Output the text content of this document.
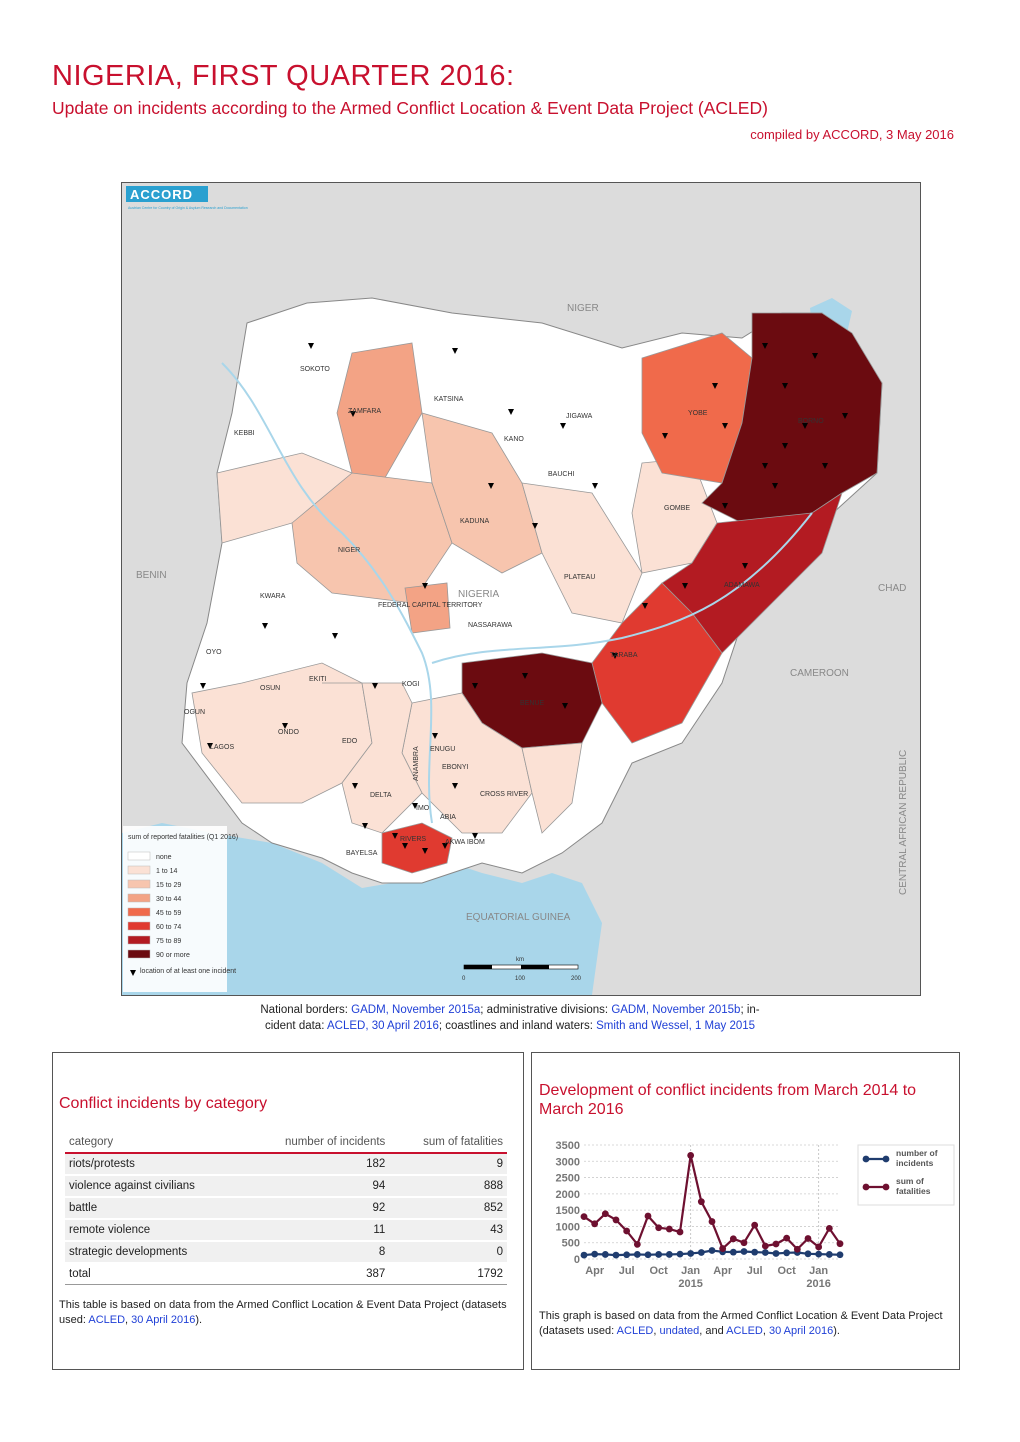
NIGERIA, FIRST QUARTER 2016:
Update on incidents according to the Armed Conflict Location & Event Data Project (ACLED)
compiled by ACCORD, 3 May 2016
NIGER
BENIN
NIGERIA
CHAD
CAMEROON
EQUATORIAL GUINEA
CENTRAL AFRICAN REPUBLIC
SOKOTO
KATSINA
ZAMFARA
JIGAWA	YOBE
BORNO
KEBBI
KANO
BAUCHI
GOMBE
KADUNA
NIGER
PLATEAU
ADAMAWA
KWARA
FEDERAL CAPITAL TERRITORY
NASSARAWA
TARABA
OYO
EKITI
KOGI
OSUN
BENUE
OGUN
ONDO
EDO
LAGOS	ENUGU
EBONYI
ANAMBRA
DELTA	CROSS RIVER
IMO
ABIA
RIVERS	AKWA IBOM
BAYELSA
ACCORD
Austrian Centre for Country of Origin & Asylum Research and Documentation
sum of reported fatalities (Q1 2016)
none
1 to 14
15 to 29
30 to 44
45 to 59
60 to 74
75 to 89
90 or more
location of at least one incident
km
0	100	200
National borders: GADM, November 2015a; administrative divisions: GADM, November 2015b; in-
cident data: ACLED, 30 April 2016; coastlines and inland waters: Smith and Wessel, 1 May 2015
Conflict incidents by category
category	number of incidents	sum of fatalities
riots/protests	182	9
violence against civilians	94	888
battle	92	852
remote violence	11	43
strategic developments	8	0
total	387	1792
This table is based on data from the Armed Conflict Location & Event Data Project (datasets used: ACLED, 30 April 2016).
Development of conflict incidents from March 2014 to March 2016
0
500
1000
1500
2000
2500
3000
3500
Apr Jul Oct Jan Apr Jul Oct Jan
2015	2016
number of
incidents
sum of
fatalities
This graph is based on data from the Armed Conflict Location & Event Data Project (datasets used: ACLED, undated, and ACLED, 30 April 2016).
